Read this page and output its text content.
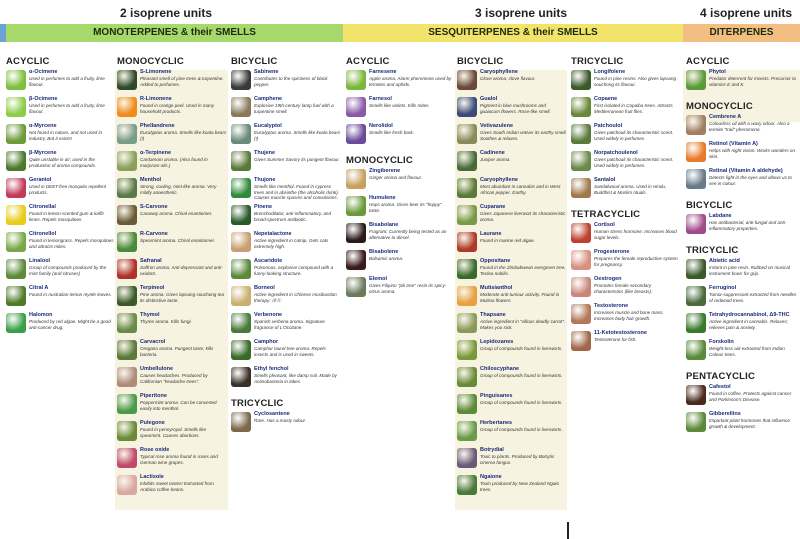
2 isoprene units	3 isoprene units	4 isoprene units
MONOTERPENES & their SMELLS	SESQUITERPENES & their SMELLS	DITERPENES
ACYCLIC
α-Ocimene
Used in perfumes to add a fruity, lime flavour.
β-Ocimene
Used in perfumes to add a fruity, lime flavour.
α-Myrcene
Not found in nature, and not used in industry. But it exists!
β-Myrcene
Quite unstable in air; used in the production of aroma compounds.
Geraniol
Used in DEET-free mosquito repellent products.
Citronellal
Found in lemon-scented gum & kaffir limes. Repels mosquitoes.
Citronellol
Found in lemongrass. Repels mosquitoes and attracts mites.
Linalool
Group of compounds produced by the mint family (and citruses)
Citral A
Found in Australian lemon myrtle leaves.
Halomon
Produced by red algae. Might be a good anti-cancer drug.
MONOCYCLIC
S-Limonene
Pleasant smell of pine trees & turpentine. Added to perfumes.
R-Limonene
Found in orange peel. Used in many household products.
Phellandrene
Eucalyptus aroma. Smells like koala bears (!)
α-Terpinene
Cardamom aroma. (Also found in marjoram oils.)
Menthol
Strong, cooling, mint-like aroma. Very mildly anaesthetic.
S-Carvone
Caraway aroma. Chiral enantiomer.
R-Carvone
Spearmint aroma. Chiral enantiomer.
Safranal
Saffron aroma. Anti-depressant and anti-oxidant.
Terpineol
Pine aroma. Gives lapsang souchong tea its distinctive taste.
Thymol
Thyme aroma. Kills fungi.
Carvacrol
Oregano aroma. Pungent taste; kills bacteria.
Umbellulone
Causes headaches. Produced by Californian "headache trees".
Piperitone
Peppermint aroma. Can be converted easily into menthol.
Pulegone
Found in pennyroyal. Smells like spearmint. Causes abortions.
Rose oxide
Typical rose aroma found in roses and German wine grapes.
Lactisole
Inhibits sweet tastes! Extracted from Arabica coffee beans.
BICYCLIC
Sabinene
Contributes to the spiciness of black pepper.
Camphene
Explosive 19th-century lamp fuel with a turpentine smell.
Eucalyptol
Eucalyptus aroma. Smells like koala bears (!)
Thujene
Gives Summer Savory its pungent flavour.
Thujone
Smells like menthol. Found in cypress trees and in absinthe (the alcoholic drink). Causes muscle spasms and convulsions.
Pinene
Bronchodilator, anti-inflammatory, and broad-spectrum antibiotic.
Nepetalactone
Active ingredient in catnip. Gets cats extremely high.
Ascaridole
Poisonous, explosive compound with a funny-looking structure.
Borneol
Active ingredient in Chinese moxibustion therapy: 冰片.
Verbenone
Spanish verbena aroma. Signature fragrance of L'Occitane.
Camphor
Camphor laurel tree aroma. Repels insects and is used in sweets.
Ethyl fenchol
Smells pleasant, like damp soil. Made by Actinobacteria in lakes.
TRICYCLIC
Cyclosantene
Rare. Has a musty odour.
ACYCLIC
Farnesene
Apple aroma. Alarm pheromone used by termites and aphids.
Farnesol
Smells like violets. Kills mites.
Nerolidol
Smells like fresh bark.
MONOCYCLIC
Zingiberene
Ginger aroma and flavour.
Humulene
Hops aroma. Gives beer its "hoppy" taste.
Bisabolane
Fragrant. Currently being tested as an alternative to diesel.
Bisabolene
Balsamic aroma.
Elemol
Gives Filipino "pili tree" resin its spicy-citrus aroma.
BICYCLIC
Caryophyllene
Clove aroma, clove flavour.
Gualol
Pigment in blue mushrooms and guaiacum flowers. Rose-like smell.
Vetivazulene
Gives South Indian vetiver its earthy smell. Soothes & relaxes.
Cadinene
Juniper aroma.
Caryophyllene
Most abundant in cannabis and in West African pepper. Earthy.
Cuparane
Gives Japanese liverwort its characteristic aroma.
Laurane
Found in marine red algae.
Oppositane
Found in the Zimbabwean evergreen tree, Teclea nobilis.
Mutisianthol
Moderate anti-tumour activity. Found in Mutisia flowers.
Thapsane
Active ingredient in "villous deadly carrot". Makes you sick.
Lepidozanes
Group of compounds found in liverworts.
Chiloscyphane
Group of compounds found in liverworts.
Pinguisanes
Group of compounds found in liverworts.
Herbertanes
Group of compounds found in liverworts.
Botrydial
Toxic to plants. Produced by Botrytis cinerea fungus.
Ngaione
Toxin produced by New Zealand Ngaio trees.
TRICYCLIC
Longifolene
Found in pine resins. Also gives lapsang souchong its flavour.
Copaene
First isolated in Copaiba trees. Attracts Mediterranean fruit flies.
Patchoulol
Gives patchouli its characteristic scent. Used widely in perfumes.
Norpatchoulenol
Gives patchouli its characteristic scent. Used widely in perfumes.
Santalol
Sandalwood aroma. Used in Hindu, Buddhist & Muslim rituals.
TETRACYCLIC
Cortisol
Human stress hormone. Increases blood sugar levels.
Progesterone
Prepares the female reproductive system for pregnancy.
Oestrogen
Promotes female secondary characteristics (like breasts).
Testosterone
Increases muscle and bone mass. Increases body hair growth.
11-Ketotestosterone
Testosterone for fish.
ACYCLIC
Phytol
Predator deterrent for insects. Precursor to vitamins E and K.
MONOCYCLIC
Cembrene A
Colourless oil with a waxy odour. Also a termite "trail" pheromone.
Retinol (Vitamin A)
Helps with night vision. Works wonders on skin.
Retinal (Vitamin A aldehyde)
Detects light in the eyes and allows us to see in colour.
BICYCLIC
Labdane
Has antibacterial, anti-fungal and anti-inflammatory properties.
TRICYCLIC
Abietic acid
Irritant in pine resin. Rubbed on musical instrument bows for grip.
Ferruginol
Tumor-suppressant extracted from needles of redwood trees.
Tetrahydrocannabinol, Δ9-THC
Active ingredient in cannabis. Relaxes; relieves pain & anxiety.
Forskolin
Weight-loss aid extracted from Indian Coleus trees.
PENTACYCLIC
Cafestol
Found in coffee. Protects against cancer and Parkinson's Disease.
Gibberellins
Important plant hormones that influence growth & development.
